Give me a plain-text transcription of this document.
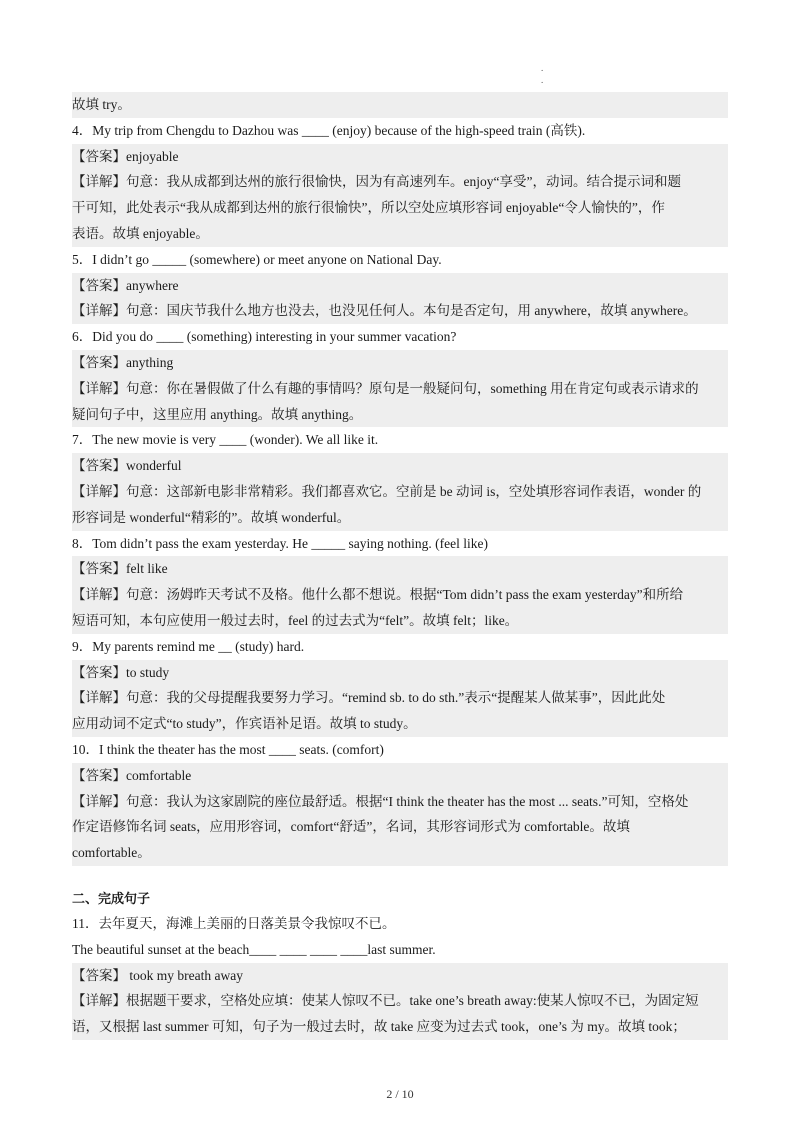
.
.
故填 try。
4．My trip from Chengdu to Dazhou was ____ (enjoy) because of the high-speed train (高铁).
【答案】enjoyable
【详解】句意：我从成都到达州的旅行很愉快，因为有高速列车。enjoy“享受”，动词。结合提示词和题
干可知，此处表示“我从成都到达州的旅行很愉快”，所以空处应填形容词 enjoyable“令人愉快的”，作
表语。故填 enjoyable。
5．I didn’t go _____ (somewhere) or meet anyone on National Day.
【答案】anywhere
【详解】句意：国庆节我什么地方也没去，也没见任何人。本句是否定句，用 anywhere，故填 anywhere。
6．Did you do ____ (something) interesting in your summer vacation?
【答案】anything
【详解】句意：你在暑假做了什么有趣的事情吗？原句是一般疑问句，something 用在肯定句或表示请求的
疑问句子中，这里应用 anything。故填 anything。
7．The new movie is very ____ (wonder). We all like it.
【答案】wonderful
【详解】句意：这部新电影非常精彩。我们都喜欢它。空前是 be 动词 is，空处填形容词作表语，wonder 的
形容词是 wonderful“精彩的”。故填 wonderful。
8．Tom didn’t pass the exam yesterday. He _____ saying nothing. (feel like)
【答案】felt like
【详解】句意：汤姆昨天考试不及格。他什么都不想说。根据“Tom didn’t pass the exam yesterday”和所给
短语可知，本句应使用一般过去时，feel 的过去式为“felt”。故填 felt；like。
9．My parents remind me __ (study) hard.
【答案】to study
【详解】句意：我的父母提醒我要努力学习。“remind sb. to do sth.”表示“提醒某人做某事”，因此此处
应用动词不定式“to study”，作宾语补足语。故填 to study。
10．I think the theater has the most ____ seats. (comfort)
【答案】comfortable
【详解】句意：我认为这家剧院的座位最舒适。根据“I think the theater has the most ... seats.”可知，空格处
作定语修饰名词 seats，应用形容词，comfort“舒适”，名词，其形容词形式为 comfortable。故填
comfortable。
二、完成句子
11．去年夏天，海滩上美丽的日落美景令我惊叹不已。
The beautiful sunset at the beach____ ____ ____ ____last summer.
【答案】 took my breath away
【详解】根据题干要求，空格处应填：使某人惊叹不已。take one’s breath away:使某人惊叹不已，为固定短
语，又根据 last summer 可知，句子为一般过去时，故 take 应变为过去式 took，one’s 为 my。故填 took；
2 / 10
